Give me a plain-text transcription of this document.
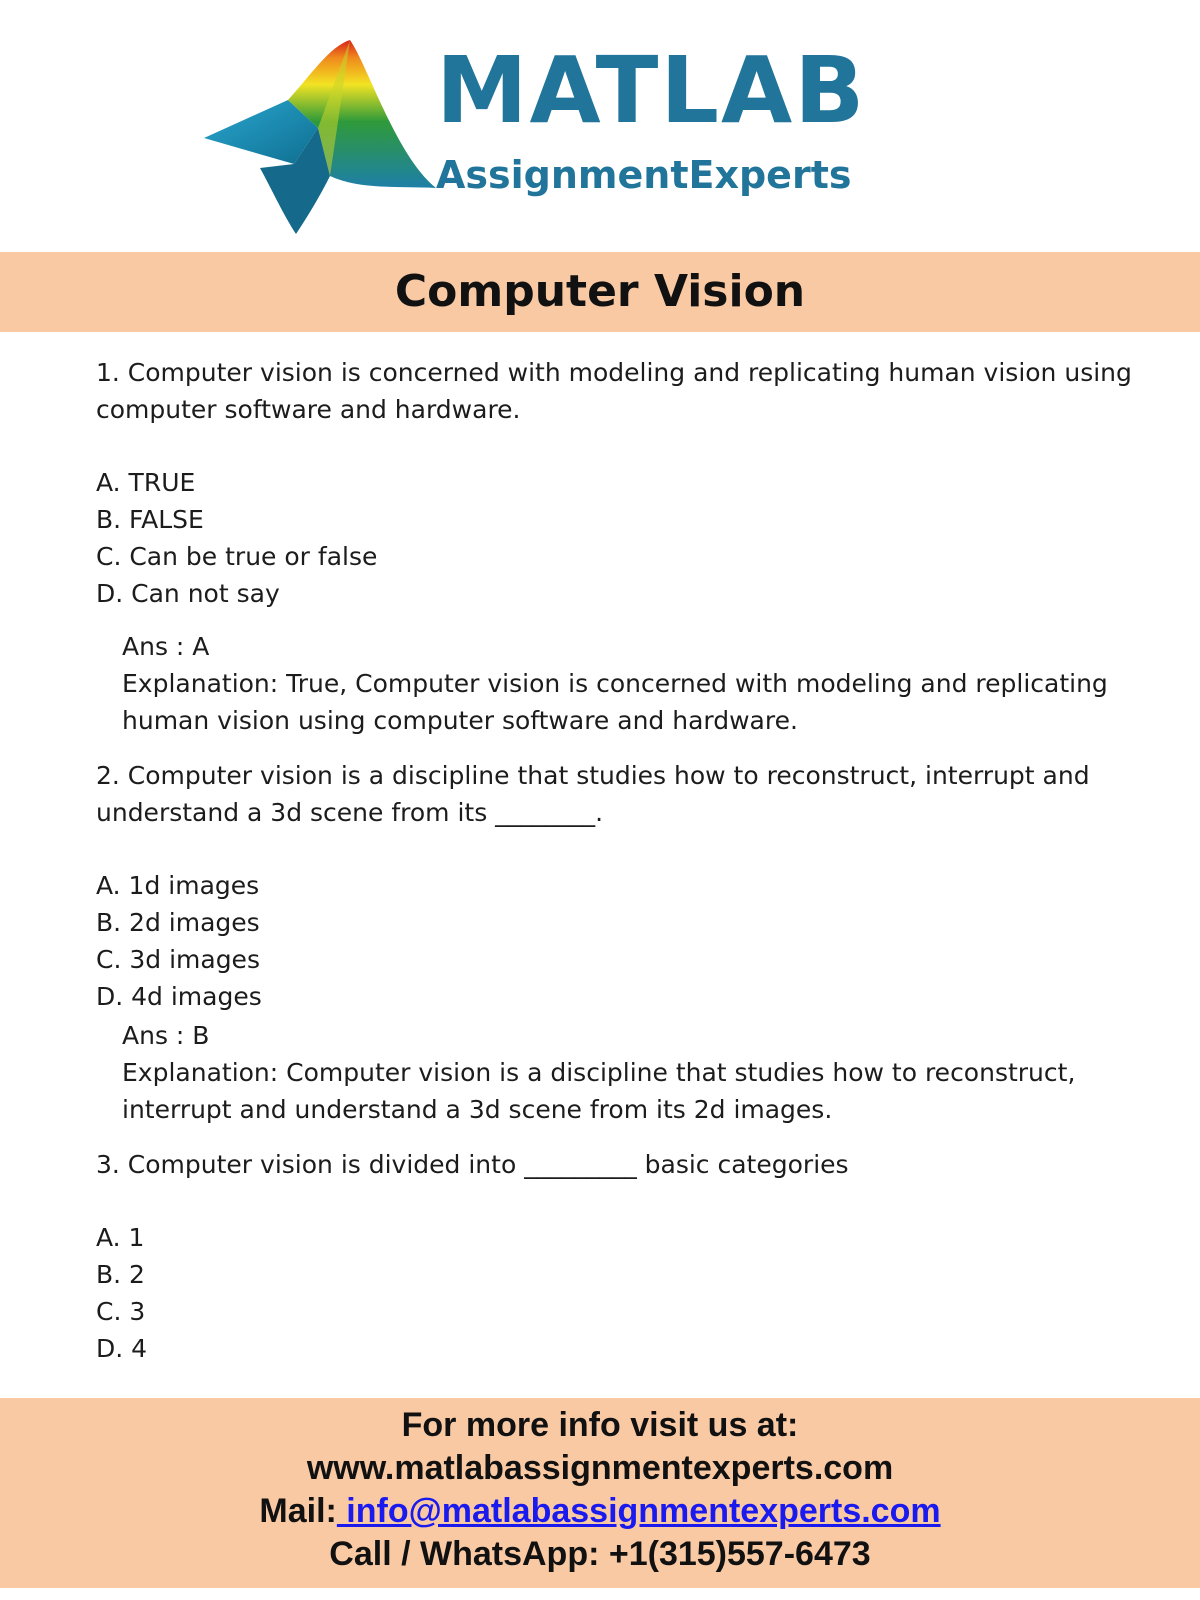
MATLAB
AssignmentExperts
Computer Vision

1. Computer vision is concerned with modeling and replicating human vision using computer software and hardware.

A. TRUE
B. FALSE
C. Can be true or false
D. Can not say

Ans : A

Explanation: True, Computer vision is concerned with modeling and replicating human vision using computer software and hardware.

2. Computer vision is a discipline that studies how to reconstruct, interrupt and understand a 3d scene from its ________.

A. 1d images
B. 2d images
C. 3d images
D. 4d images

Ans : B

Explanation: Computer vision is a discipline that studies how to reconstruct, interrupt and understand a 3d scene from its 2d images.

3. Computer vision is divided into _________ basic categories

A. 1
B. 2
C. 3
D. 4

For more info visit us at:

www.matlabassignmentexperts.com

Mail: info@matlabassignmentexperts.com

Call / WhatsApp: +1(315)557-6473
